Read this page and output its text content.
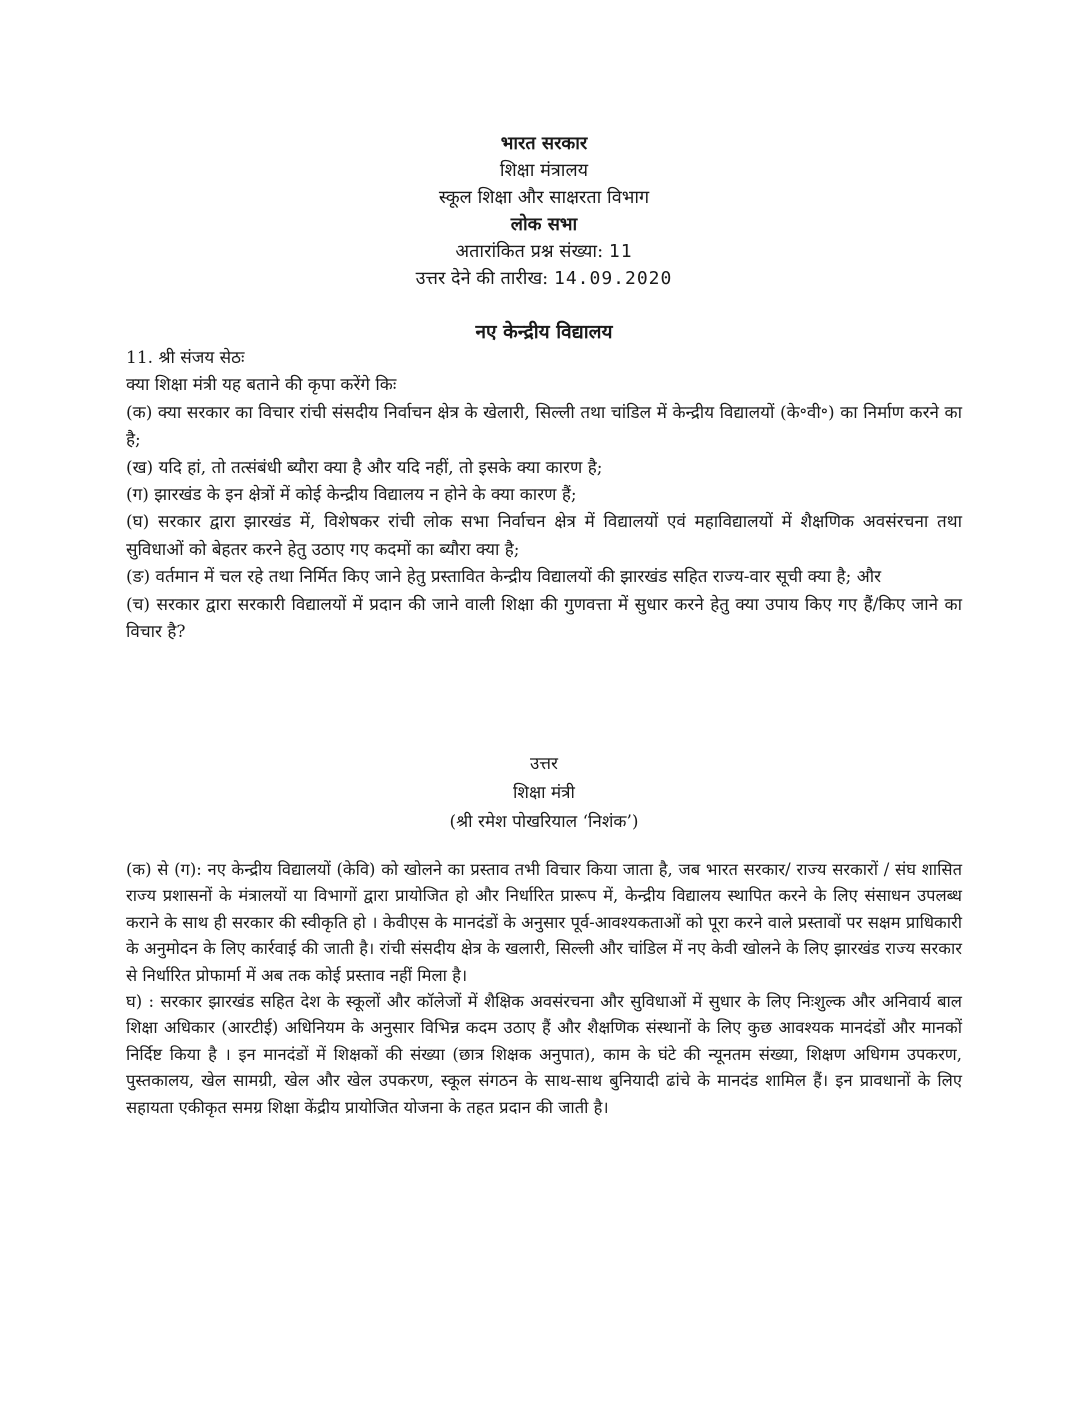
भारत सरकार
शिक्षा मंत्रालय
स्कूल शिक्षा और साक्षरता विभाग
लोक सभा
अतारांकित प्रश्न संख्या: 11
उत्तर देने की तारीख: 14.09.2020
नए केन्द्रीय विद्यालय
11. श्री संजय सेठः
क्या शिक्षा मंत्री यह बताने की कृपा करेंगे किः
(क) क्या सरकार का विचार रांची संसदीय निर्वाचन क्षेत्र के खेलारी, सिल्ली तथा चांडिल में केन्द्रीय विद्यालयों (के॰वी॰) का निर्माण करने का है;
(ख) यदि हां, तो तत्संबंधी ब्यौरा क्या है और यदि नहीं, तो इसके क्या कारण है;
(ग) झारखंड के इन क्षेत्रों में कोई केन्द्रीय विद्यालय न होने के क्या कारण हैं;
(घ) सरकार द्वारा झारखंड में, विशेषकर रांची लोक सभा निर्वाचन क्षेत्र में विद्यालयों एवं महाविद्यालयों में शैक्षणिक अवसंरचना तथा सुविधाओं को बेहतर करने हेतु उठाए गए कदमों का ब्यौरा क्या है;
(ङ) वर्तमान में चल रहे तथा निर्मित किए जाने हेतु प्रस्तावित केन्द्रीय विद्यालयों की झारखंड सहित राज्य-वार सूची क्या है; और
(च) सरकार द्वारा सरकारी विद्यालयों में प्रदान की जाने वाली शिक्षा की गुणवत्ता में सुधार करने हेतु क्या उपाय किए गए हैं/किए जाने का विचार है?
उत्तर
शिक्षा मंत्री
(श्री रमेश पोखरियाल ‘निशंक’)

(क) से (ग): नए केन्द्रीय विद्यालयों (केवि) को खोलने का प्रस्ताव तभी विचार किया जाता है, जब भारत सरकार/ राज्य सरकारों / संघ शासित राज्य प्रशासनों के मंत्रालयों या विभागों द्वारा प्रायोजित हो और निर्धारित प्रारूप में, केन्द्रीय विद्यालय स्थापित करने के लिए संसाधन उपलब्ध कराने के साथ ही सरकार की स्वीकृति हो । केवीएस के मानदंडों के अनुसार पूर्व-आवश्यकताओं को पूरा करने वाले प्रस्तावों पर सक्षम प्राधिकारी के अनुमोदन के लिए कार्रवाई की जाती है। रांची संसदीय क्षेत्र के खलारी, सिल्ली और चांडिल में नए केवी खोलने के लिए झारखंड राज्य सरकार से निर्धारित प्रोफार्मा में अब तक कोई प्रस्ताव नहीं मिला है।

घ) : सरकार झारखंड सहित देश के स्कूलों और कॉलेजों में शैक्षिक अवसंरचना और सुविधाओं में सुधार के लिए निःशुल्क और अनिवार्य बाल शिक्षा अधिकार (आरटीई) अधिनियम के अनुसार विभिन्न कदम उठाए हैं और शैक्षणिक संस्थानों के लिए कुछ आवश्यक मानदंडों और मानकों निर्दिष्ट किया है । इन मानदंडों में शिक्षकों की संख्या (छात्र शिक्षक अनुपात), काम के घंटे की न्यूनतम संख्या, शिक्षण अधिगम उपकरण, पुस्तकालय, खेल सामग्री, खेल और खेल उपकरण, स्कूल संगठन के साथ-साथ बुनियादी ढांचे के मानदंड शामिल हैं। इन प्रावधानों के लिए सहायता एकीकृत समग्र शिक्षा केंद्रीय प्रायोजित योजना के तहत प्रदान की जाती है।
